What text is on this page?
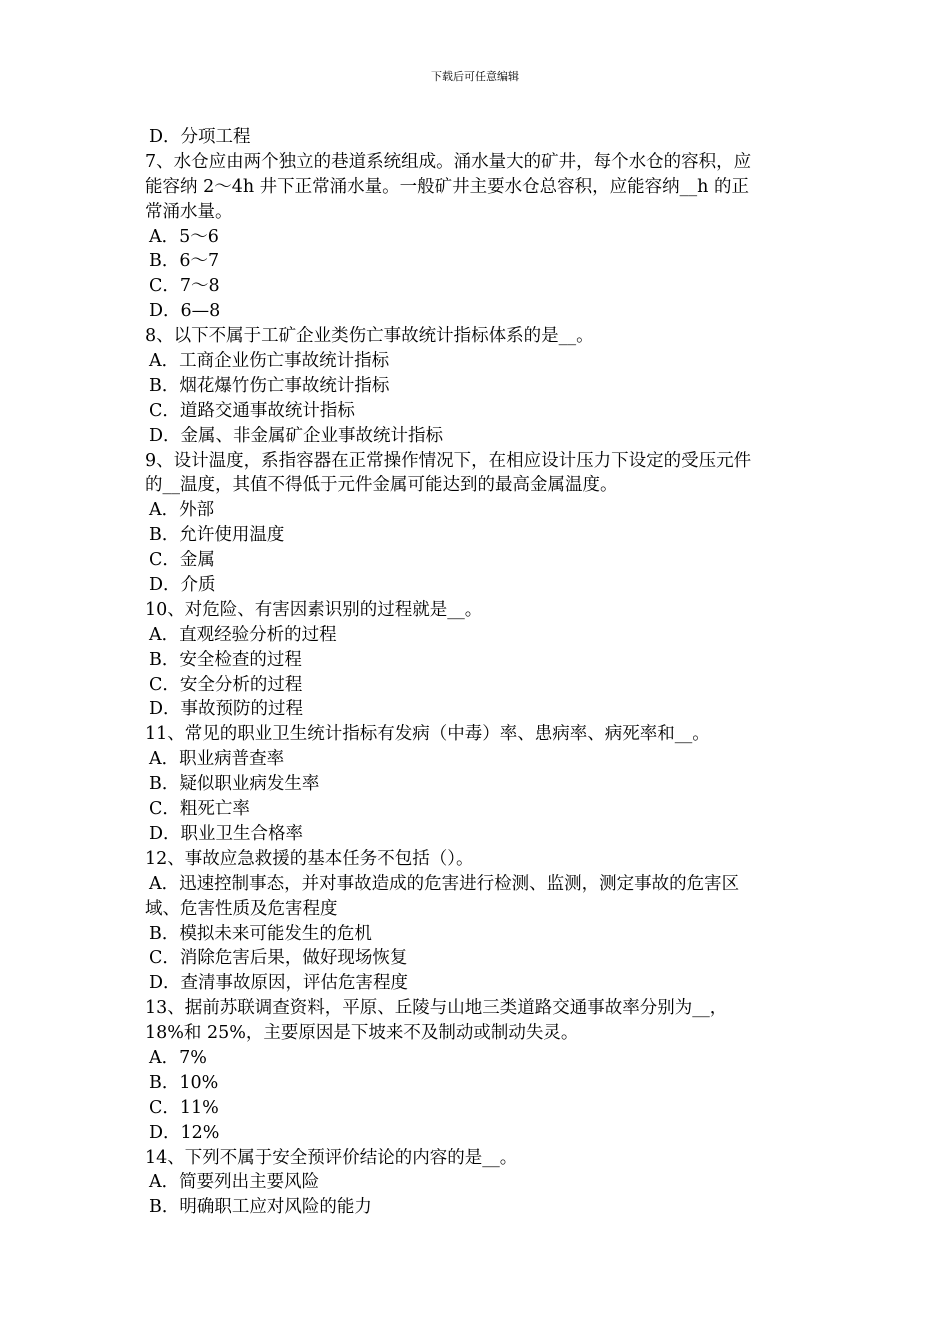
下载后可任意编辑
D．分项工程
7、水仓应由两个独立的巷道系统组成。涌水量大的矿井，每个水仓的容积，应
能容纳 2～4h 井下正常涌水量。一般矿井主要水仓总容积，应能容纳__h 的正
常涌水量。
A．5～6
B．6～7
C．7～8
D．6—8
8、以下不属于工矿企业类伤亡事故统计指标体系的是__。
A．工商企业伤亡事故统计指标
B．烟花爆竹伤亡事故统计指标
C．道路交通事故统计指标
D．金属、非金属矿企业事故统计指标
9、设计温度，系指容器在正常操作情况下，在相应设计压力下设定的受压元件
的__温度，其值不得低于元件金属可能达到的最高金属温度。
A．外部
B．允许使用温度
C．金属
D．介质
10、对危险、有害因素识别的过程就是__。
A．直观经验分析的过程
B．安全检查的过程
C．安全分析的过程
D．事故预防的过程
11、常见的职业卫生统计指标有发病（中毒）率、患病率、病死率和__。
A．职业病普查率
B．疑似职业病发生率
C．粗死亡率
D．职业卫生合格率
12、事故应急救援的基本任务不包括（）。
A．迅速控制事态，并对事故造成的危害进行检测、监测，测定事故的危害区
域、危害性质及危害程度
B．模拟未来可能发生的危机
C．消除危害后果，做好现场恢复
D．查清事故原因，评估危害程度
13、据前苏联调查资料，平原、丘陵与山地三类道路交通事故率分别为__，
18%和 25%，主要原因是下坡来不及制动或制动失灵。
A．7%
B．10%
C．11%
D．12%
14、下列不属于安全预评价结论的内容的是__。
A．简要列出主要风险
B．明确职工应对风险的能力
